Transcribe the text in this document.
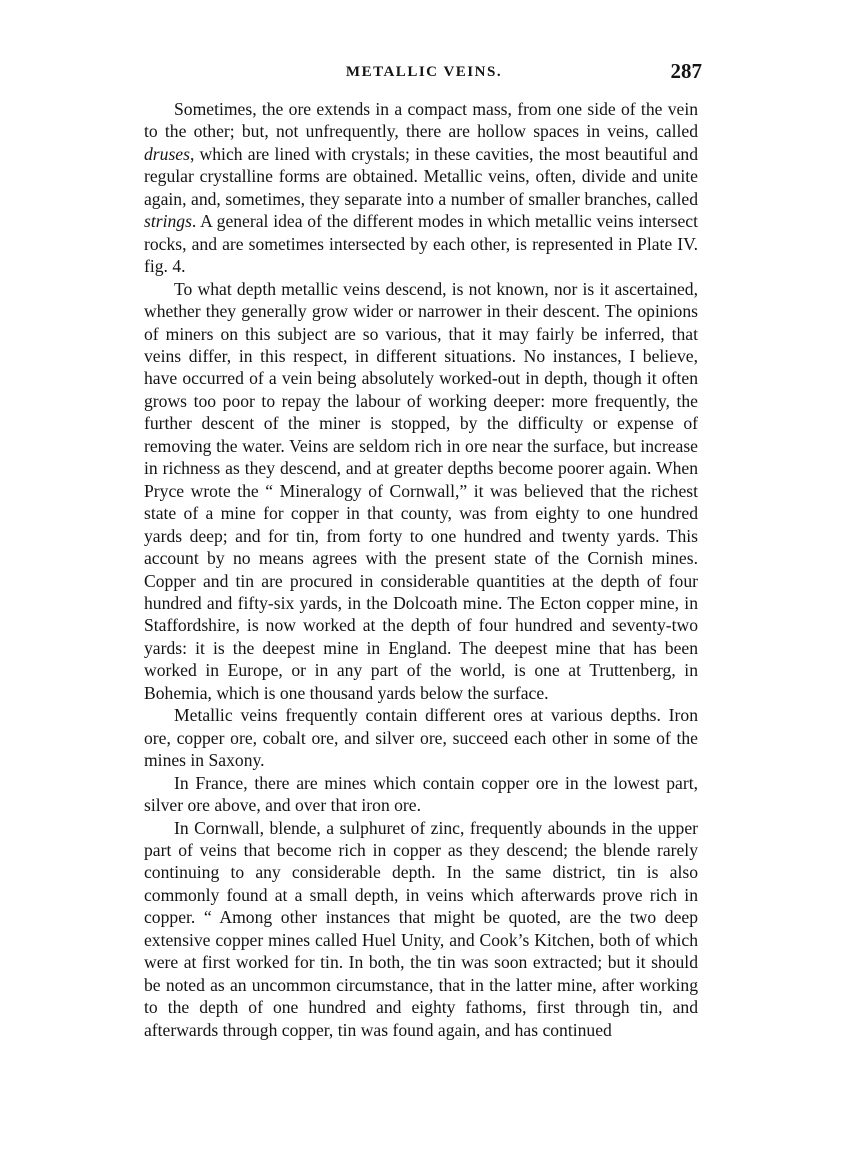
METALLIC VEINS.	287

Sometimes, the ore extends in a compact mass, from one side of the vein to the other; but, not unfrequently, there are hollow spaces in veins, called druses, which are lined with crystals; in these cavities, the most beautiful and regular crystalline forms are obtained. Metallic veins, often, divide and unite again, and, sometimes, they separate into a number of smaller branches, called strings. A general idea of the different modes in which metallic veins intersect rocks, and are sometimes intersected by each other, is represented in Plate IV. fig. 4.

To what depth metallic veins descend, is not known, nor is it ascertained, whether they generally grow wider or narrower in their descent. The opinions of miners on this subject are so various, that it may fairly be inferred, that veins differ, in this respect, in different situations. No instances, I believe, have occurred of a vein being absolutely worked-out in depth, though it often grows too poor to repay the labour of working deeper: more frequently, the further descent of the miner is stopped, by the difficulty or expense of removing the water. Veins are seldom rich in ore near the surface, but increase in richness as they descend, and at greater depths become poorer again. When Pryce wrote the “ Mineralogy of Cornwall,” it was believed that the richest state of a mine for copper in that county, was from eighty to one hundred yards deep; and for tin, from forty to one hundred and twenty yards. This account by no means agrees with the present state of the Cornish mines. Copper and tin are procured in considerable quantities at the depth of four hundred and fifty-six yards, in the Dolcoath mine. The Ecton copper mine, in Staffordshire, is now worked at the depth of four hundred and seventy-two yards: it is the deepest mine in England. The deepest mine that has been worked in Europe, or in any part of the world, is one at Truttenberg, in Bohemia, which is one thousand yards below the surface.

Metallic veins frequently contain different ores at various depths. Iron ore, copper ore, cobalt ore, and silver ore, succeed each other in some of the mines in Saxony.

In France, there are mines which contain copper ore in the lowest part, silver ore above, and over that iron ore.

In Cornwall, blende, a sulphuret of zinc, frequently abounds in the upper part of veins that become rich in copper as they descend; the blende rarely continuing to any considerable depth. In the same district, tin is also commonly found at a small depth, in veins which afterwards prove rich in copper. “ Among other instances that might be quoted, are the two deep extensive copper mines called Huel Unity, and Cook’s Kitchen, both of which were at first worked for tin. In both, the tin was soon extracted; but it should be noted as an uncommon circumstance, that in the latter mine, after working to the depth of one hundred and eighty fathoms, first through tin, and afterwards through copper, tin was found again, and has continued
